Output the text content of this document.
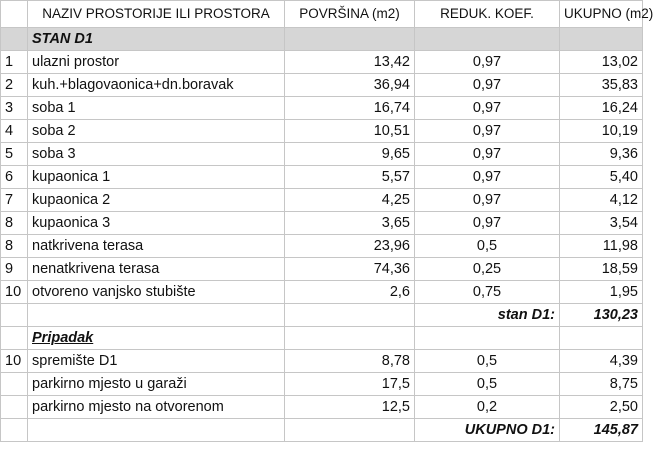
	NAZIV PROSTORIJE ILI PROSTORA	POVRŠINA (m2)	REDUK. KOEF.	UKUPNO (m2)
	STAN D1			
1	ulazni prostor	13,42	0,97	13,02
2	kuh.+blagovaonica+dn.boravak	36,94	0,97	35,83
3	soba 1	16,74	0,97	16,24
4	soba 2	10,51	0,97	10,19
5	soba 3	9,65	0,97	9,36
6	kupaonica 1	5,57	0,97	5,40
7	kupaonica 2	4,25	0,97	4,12
8	kupaonica 3	3,65	0,97	3,54
8	natkrivena terasa	23,96	0,5	11,98
9	nenatkrivena terasa	74,36	0,25	18,59
10	otvoreno vanjsko stubište	2,6	0,75	1,95
			stan D1:	130,23
	Pripadak			
10	spremište D1	8,78	0,5	4,39
	parkirno mjesto u garaži	17,5	0,5	8,75
	parkirno mjesto na otvorenom	12,5	0,2	2,50
			UKUPNO D1:	145,87
